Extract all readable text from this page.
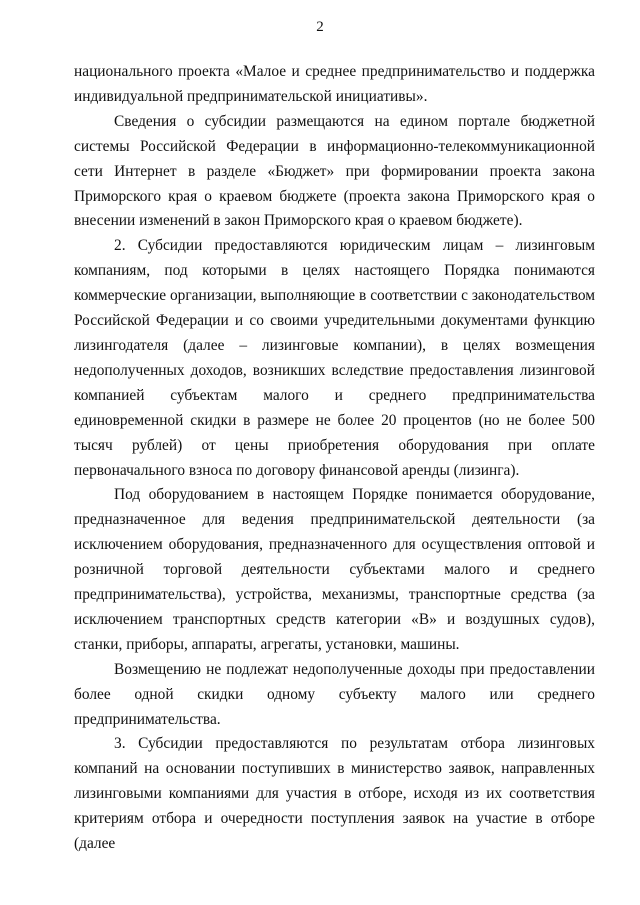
2

национального проекта «Малое и среднее предпринимательство и поддержка индивидуальной предпринимательской инициативы».

Сведения о субсидии размещаются на едином портале бюджетной системы Российской Федерации в информационно-телекоммуникационной сети Интернет в разделе «Бюджет» при формировании проекта закона Приморского края о краевом бюджете (проекта закона Приморского края о внесении изменений в закон Приморского края о краевом бюджете).

2. Субсидии предоставляются юридическим лицам – лизинговым компаниям, под которыми в целях настоящего Порядка понимаются коммерческие организации, выполняющие в соответствии с законодательством Российской Федерации и со своими учредительными документами функцию лизингодателя (далее – лизинговые компании), в целях возмещения недополученных доходов, возникших вследствие предоставления лизинговой компанией субъектам малого и среднего предпринимательства единовременной скидки в размере не более 20 процентов (но не более 500 тысяч рублей) от цены приобретения оборудования при оплате первоначального взноса по договору финансовой аренды (лизинга).

Под оборудованием в настоящем Порядке понимается оборудование, предназначенное для ведения предпринимательской деятельности (за исключением оборудования, предназначенного для осуществления оптовой и розничной торговой деятельности субъектами малого и среднего предпринимательства), устройства, механизмы, транспортные средства (за исключением транспортных средств категории «В» и воздушных судов), станки, приборы, аппараты, агрегаты, установки, машины.

Возмещению не подлежат недополученные доходы при предоставлении более одной скидки одному субъекту малого или среднего предпринимательства.

3. Субсидии предоставляются по результатам отбора лизинговых компаний на основании поступивших в министерство заявок, направленных лизинговыми компаниями для участия в отборе, исходя из их соответствия критериям отбора и очередности поступления заявок на участие в отборе (далее
